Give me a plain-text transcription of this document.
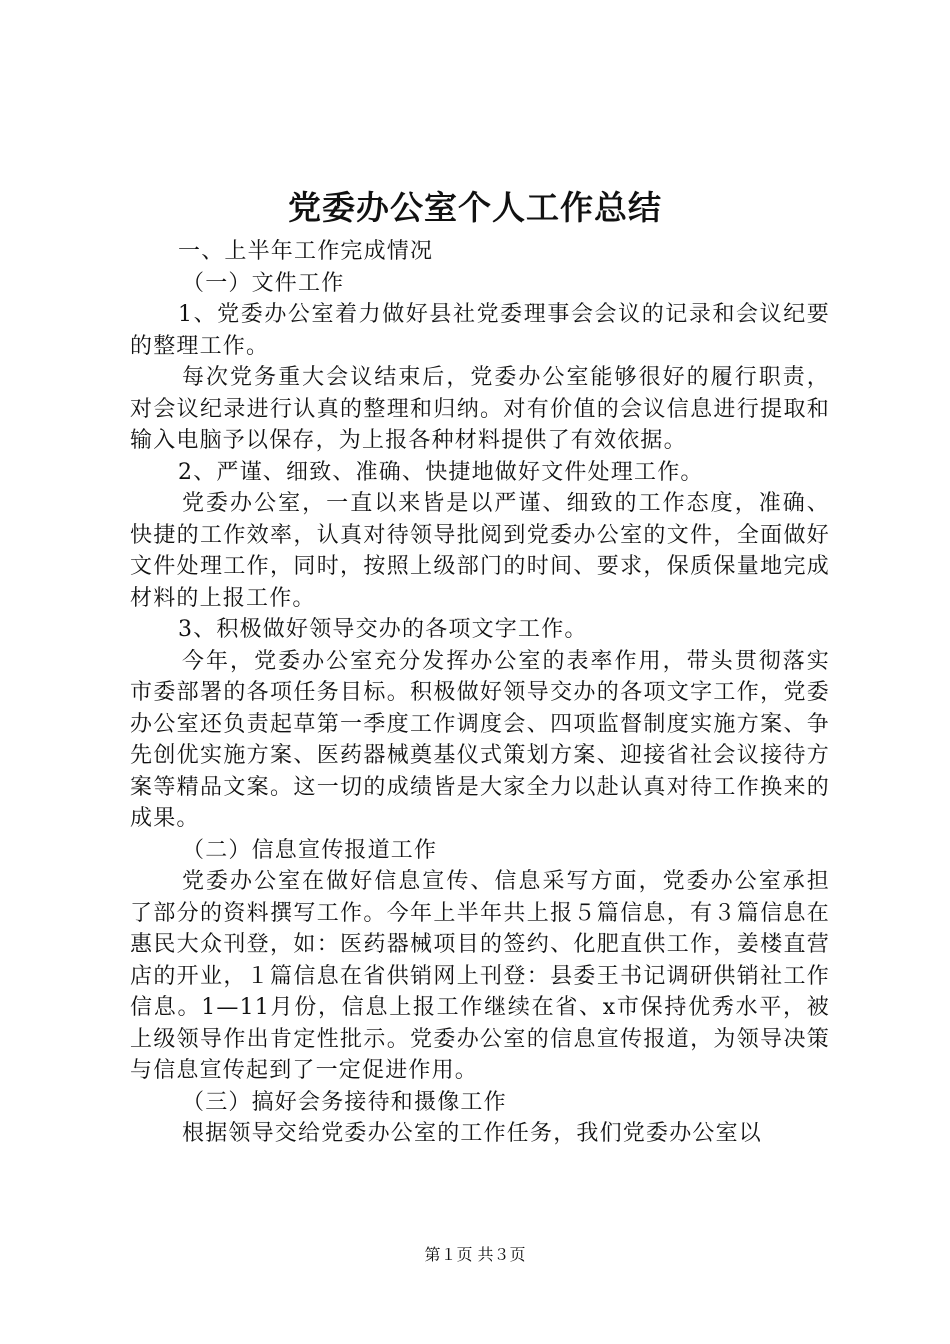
党委办公室个人工作总结

一、上半年工作完成情况

（一）文件工作

1、党委办公室着力做好县社党委理事会会议的记录和会议纪要的整理工作。

每次党务重大会议结束后，党委办公室能够很好的履行职责，对会议纪录进行认真的整理和归纳。对有价值的会议信息进行提取和输入电脑予以保存，为上报各种材料提供了有效依据。

2、严谨、细致、准确、快捷地做好文件处理工作。

党委办公室，一直以来皆是以严谨、细致的工作态度，准确、快捷的工作效率，认真对待领导批阅到党委办公室的文件，全面做好文件处理工作，同时，按照上级部门的时间、要求，保质保量地完成材料的上报工作。

3、积极做好领导交办的各项文字工作。

今年，党委办公室充分发挥办公室的表率作用，带头贯彻落实市委部署的各项任务目标。积极做好领导交办的各项文字工作，党委办公室还负责起草第一季度工作调度会、四项监督制度实施方案、争先创优实施方案、医药器械奠基仪式策划方案、迎接省社会议接待方案等精品文案。这一切的成绩皆是大家全力以赴认真对待工作换来的成果。

（二）信息宣传报道工作

党委办公室在做好信息宣传、信息采写方面，党委办公室承担了部分的资料撰写工作。今年上半年共上报５篇信息，有３篇信息在惠民大众刊登，如：医药器械项目的签约、化肥直供工作，姜楼直营店的开业，１篇信息在省供销网上刊登：县委王书记调研供销社工作信息。1—11月份，信息上报工作继续在省、x市保持优秀水平，被上级领导作出肯定性批示。党委办公室的信息宣传报道，为领导决策与信息宣传起到了一定促进作用。

（三）搞好会务接待和摄像工作

根据领导交给党委办公室的工作任务，我们党委办公室以

第１页 共３页
